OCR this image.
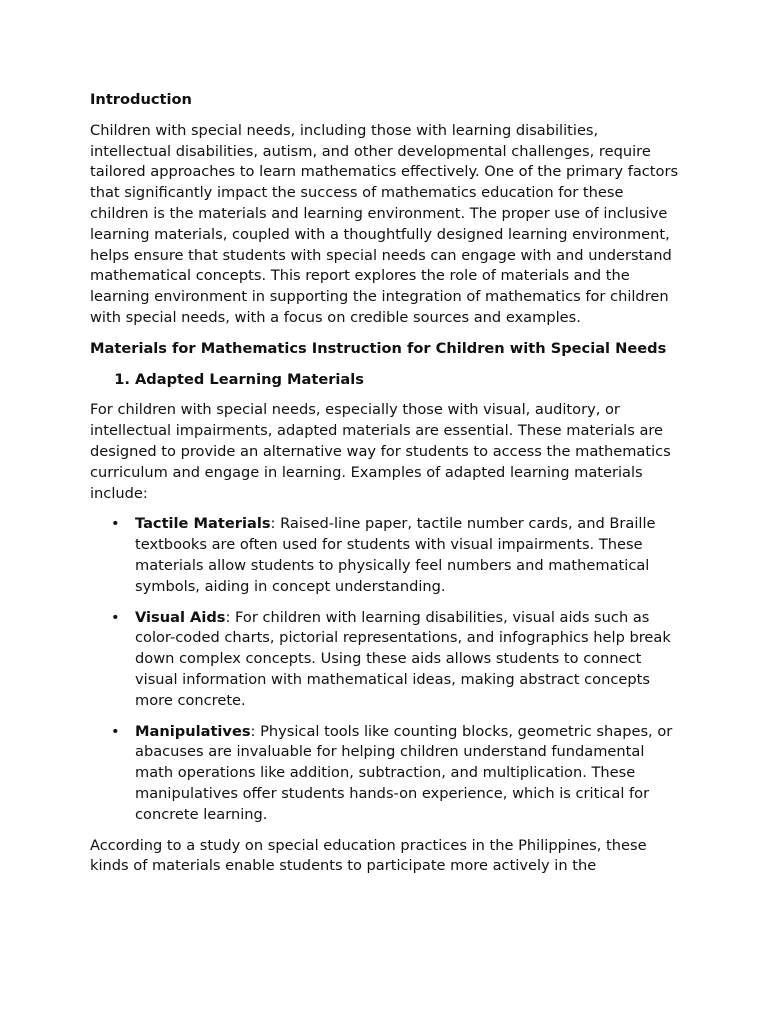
Introduction

Children with special needs, including those with learning disabilities, intellectual disabilities, autism, and other developmental challenges, require tailored approaches to learn mathematics effectively. One of the primary factors that significantly impact the success of mathematics education for these children is the materials and learning environment. The proper use of inclusive learning materials, coupled with a thoughtfully designed learning environment, helps ensure that students with special needs can engage with and understand mathematical concepts. This report explores the role of materials and the learning environment in supporting the integration of mathematics for children with special needs, with a focus on credible sources and examples.

Materials for Mathematics Instruction for Children with Special Needs
1. Adapted Learning Materials

For children with special needs, especially those with visual, auditory, or intellectual impairments, adapted materials are essential. These materials are designed to provide an alternative way for students to access the mathematics curriculum and engage in learning. Examples of adapted learning materials include:

• Tactile Materials: Raised-line paper, tactile number cards, and Braille textbooks are often used for students with visual impairments. These materials allow students to physically feel numbers and mathematical symbols, aiding in concept understanding.
• Visual Aids: For children with learning disabilities, visual aids such as color-coded charts, pictorial representations, and infographics help break down complex concepts. Using these aids allows students to connect visual information with mathematical ideas, making abstract concepts more concrete.
• Manipulatives: Physical tools like counting blocks, geometric shapes, or abacuses are invaluable for helping children understand fundamental math operations like addition, subtraction, and multiplication. These manipulatives offer students hands-on experience, which is critical for concrete learning.

According to a study on special education practices in the Philippines, these kinds of materials enable students to participate more actively in the
